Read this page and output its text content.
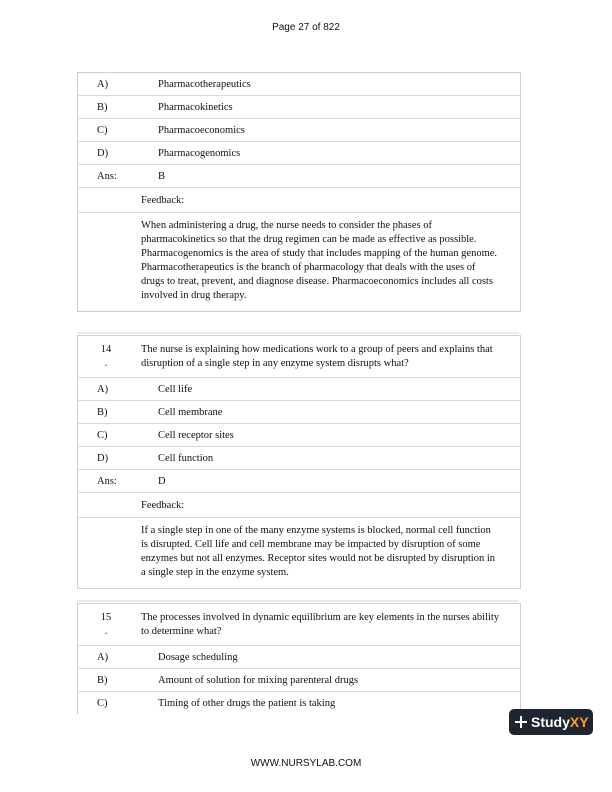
Page 27 of 822
A)	Pharmacotherapeutics
B)	Pharmacokinetics
C)	Pharmacoeconomics
D)	Pharmacogenomics
Ans:	B
Feedback:
When administering a drug, the nurse needs to consider the phases of pharmacokinetics so that the drug regimen can be made as effective as possible. Pharmacogenomics is the area of study that includes mapping of the human genome. Pharmacotherapeutics is the branch of pharmacology that deals with the uses of drugs to treat, prevent, and diagnose disease. Pharmacoeconomics includes all costs involved in drug therapy.
14
.
The nurse is explaining how medications work to a group of peers and explains that disruption of a single step in any enzyme system disrupts what?
A)	Cell life
B)	Cell membrane
C)	Cell receptor sites
D)	Cell function
Ans:	D
Feedback:
If a single step in one of the many enzyme systems is blocked, normal cell function is disrupted. Cell life and cell membrane may be impacted by disruption of some enzymes but not all enzymes. Receptor sites would not be disrupted by disruption in a single step in the enzyme system.
15
.
The processes involved in dynamic equilibrium are key elements in the nurses ability to determine what?
A)	Dosage scheduling
B)	Amount of solution for mixing parenteral drugs
C)	Timing of other drugs the patient is taking
StudyXY
WWW.NURSYLAB.COM
